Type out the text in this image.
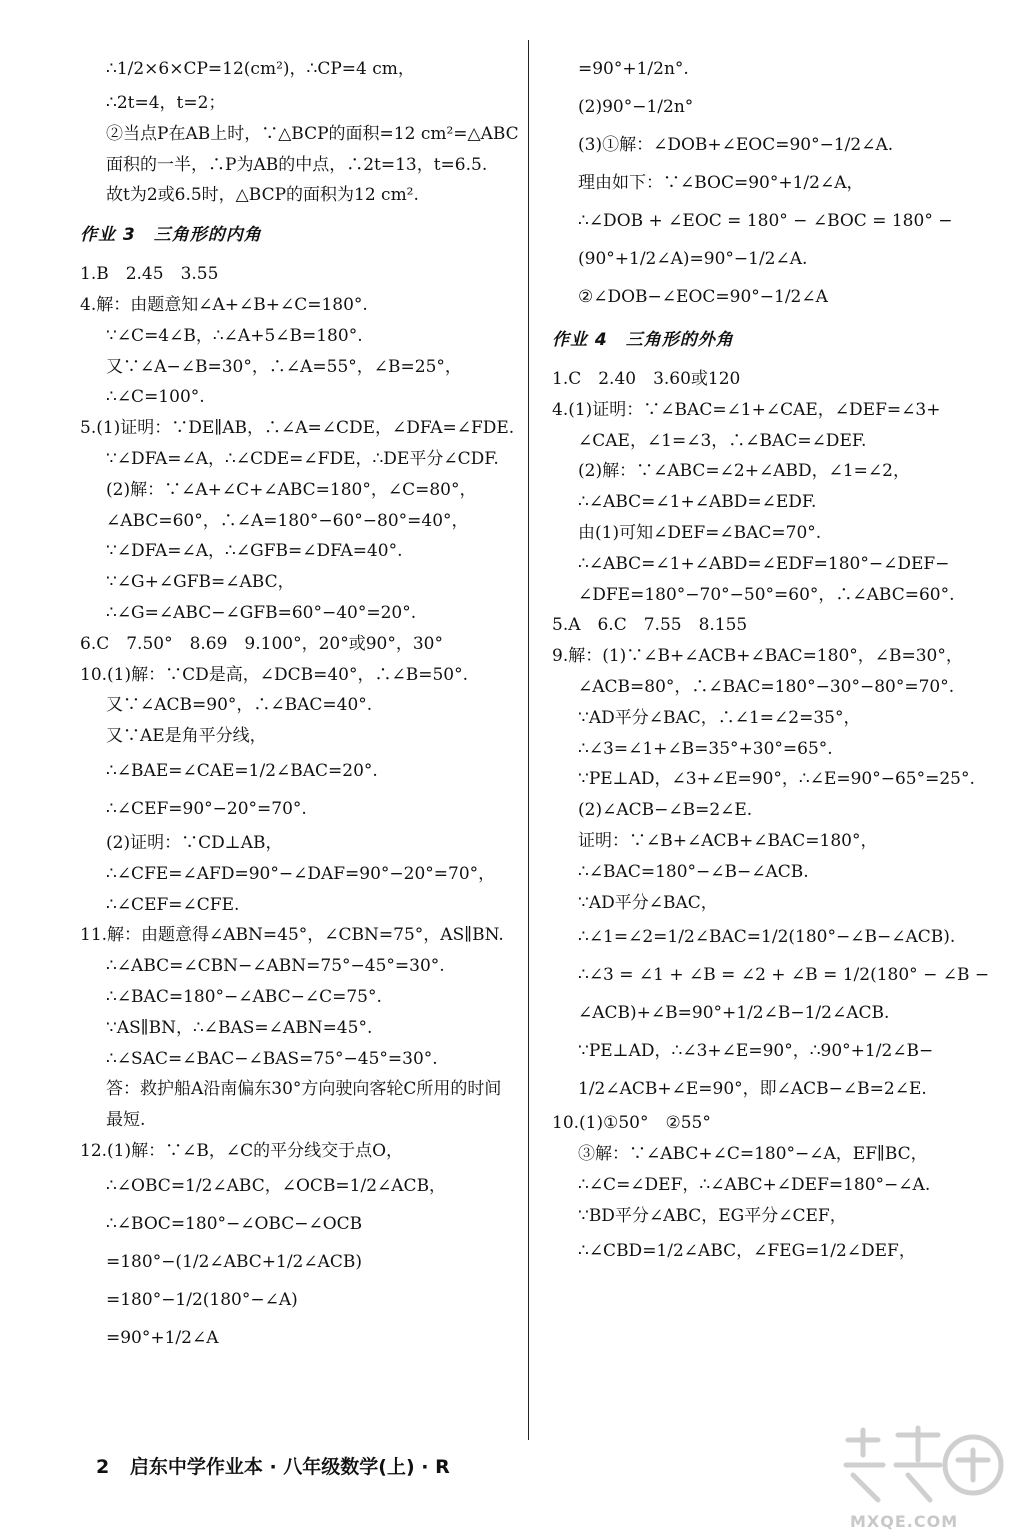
∴1/2×6×CP=12(cm²)，∴CP=4 cm，
∴2t=4，t=2；
②当点P在AB上时，∵△BCP的面积=12 cm²=△ABC
面积的一半，∴P为AB的中点，∴2t=13，t=6.5.
故t为2或6.5时，△BCP的面积为12 cm².
作业 3　三角形的内角
1.B　2.45　3.55
4.解：由题意知∠A+∠B+∠C=180°.
∵∠C=4∠B，∴∠A+5∠B=180°.
又∵∠A−∠B=30°，∴∠A=55°，∠B=25°，
∴∠C=100°.
5.(1)证明：∵DE∥AB，∴∠A=∠CDE，∠DFA=∠FDE.
∵∠DFA=∠A，∴∠CDE=∠FDE，∴DE平分∠CDF.
(2)解：∵∠A+∠C+∠ABC=180°，∠C=80°，
∠ABC=60°，∴∠A=180°−60°−80°=40°，
∵∠DFA=∠A，∴∠GFB=∠DFA=40°.
∵∠G+∠GFB=∠ABC，
∴∠G=∠ABC−∠GFB=60°−40°=20°.
6.C　7.50°　8.69　9.100°，20°或90°，30°
10.(1)解：∵CD是高，∠DCB=40°，∴∠B=50°.
又∵∠ACB=90°，∴∠BAC=40°.
又∵AE是角平分线，
∴∠BAE=∠CAE=1/2∠BAC=20°.
∴∠CEF=90°−20°=70°.
(2)证明：∵CD⊥AB，
∴∠CFE=∠AFD=90°−∠DAF=90°−20°=70°，
∴∠CEF=∠CFE.
11.解：由题意得∠ABN=45°，∠CBN=75°，AS∥BN.
∴∠ABC=∠CBN−∠ABN=75°−45°=30°.
∴∠BAC=180°−∠ABC−∠C=75°.
∵AS∥BN，∴∠BAS=∠ABN=45°.
∴∠SAC=∠BAC−∠BAS=75°−45°=30°.
答：救护船A沿南偏东30°方向驶向客轮C所用的时间
最短.
12.(1)解：∵∠B，∠C的平分线交于点O，
∴∠OBC=1/2∠ABC，∠OCB=1/2∠ACB，
∴∠BOC=180°−∠OBC−∠OCB
=180°−(1/2∠ABC+1/2∠ACB)
=180°−1/2(180°−∠A)
=90°+1/2∠A
=90°+1/2n°.
(2)90°−1/2n°
(3)①解：∠DOB+∠EOC=90°−1/2∠A.
理由如下：∵∠BOC=90°+1/2∠A，
∴∠DOB + ∠EOC = 180° − ∠BOC = 180° −
(90°+1/2∠A)=90°−1/2∠A.
②∠DOB−∠EOC=90°−1/2∠A
作业 4　三角形的外角
1.C　2.40　3.60或120
4.(1)证明：∵∠BAC=∠1+∠CAE，∠DEF=∠3+
∠CAE，∠1=∠3，∴∠BAC=∠DEF.
(2)解：∵∠ABC=∠2+∠ABD，∠1=∠2，
∴∠ABC=∠1+∠ABD=∠EDF.
由(1)可知∠DEF=∠BAC=70°.
∴∠ABC=∠1+∠ABD=∠EDF=180°−∠DEF−
∠DFE=180°−70°−50°=60°，∴∠ABC=60°.
5.A　6.C　7.55　8.155
9.解：(1)∵∠B+∠ACB+∠BAC=180°，∠B=30°，
∠ACB=80°，∴∠BAC=180°−30°−80°=70°.
∵AD平分∠BAC，∴∠1=∠2=35°，
∴∠3=∠1+∠B=35°+30°=65°.
∵PE⊥AD，∠3+∠E=90°，∴∠E=90°−65°=25°.
(2)∠ACB−∠B=2∠E.
证明：∵∠B+∠ACB+∠BAC=180°，
∴∠BAC=180°−∠B−∠ACB.
∵AD平分∠BAC，
∴∠1=∠2=1/2∠BAC=1/2(180°−∠B−∠ACB).
∴∠3 = ∠1 + ∠B = ∠2 + ∠B = 1/2(180° − ∠B −
∠ACB)+∠B=90°+1/2∠B−1/2∠ACB.
∵PE⊥AD，∴∠3+∠E=90°，∴90°+1/2∠B−
1/2∠ACB+∠E=90°，即∠ACB−∠B=2∠E.
10.(1)①50°　②55°
③解：∵∠ABC+∠C=180°−∠A，EF∥BC，
∴∠C=∠DEF，∴∠ABC+∠DEF=180°−∠A.
∵BD平分∠ABC，EG平分∠CEF，
∴∠CBD=1/2∠ABC，∠FEG=1/2∠DEF，
2 启东中学作业本 · 八年级数学(上) · R
MXQE.COM
